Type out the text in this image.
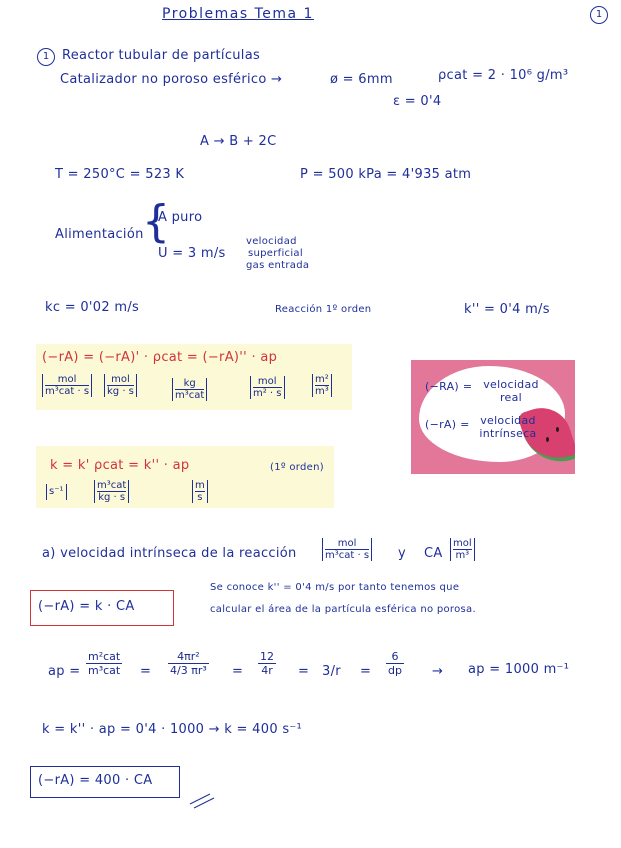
Problemas Tema 1	1
1 Reactor tubular de partículas
Catalizador no poroso esférico →	ø = 6mm	ρcat = 2 · 10⁶ g/m³
ε = 0'4
A → B + 2C
T = 250°C = 523 K	P = 500 kPa = 4'935 atm
Alimentación
{
A puro
U = 3 m/s
velocidad
superficial
gas entrada
kc = 0'02 m/s	Reacción 1º orden	k'' = 0'4 m/s
(−rA) = (−rA)' · ρcat = (−rA)'' · ap
mol
m³cat · s
mol
kg · s
kg
m³cat
mol
m² · s
m²
m³	(−RA) = velocidad real
(−rA) = velocidad intrínseca
k = k' ρcat = k'' · ap	(1º orden)
s⁻¹
m³cat
kg · s
m
s
a) velocidad intrínseca de la reacción
mol
m³cat · s y CA
mol
m³
Se conoce k'' = 0'4 m/s por tanto tenemos que
calcular el área de la partícula esférica no porosa.
(−rA) = k · CA
ap =
m²cat
$m^3cat = \frac{\text{4πr²}}{\text{4/3 πr³}} = \frac{12}{4r} = 3/r = \frac{6}{dp}$ → ap = 1000 m⁻¹
k = k'' · ap = 0'4 · 1000 → k = 400 s⁻¹
(−rA) = 400 · CA
